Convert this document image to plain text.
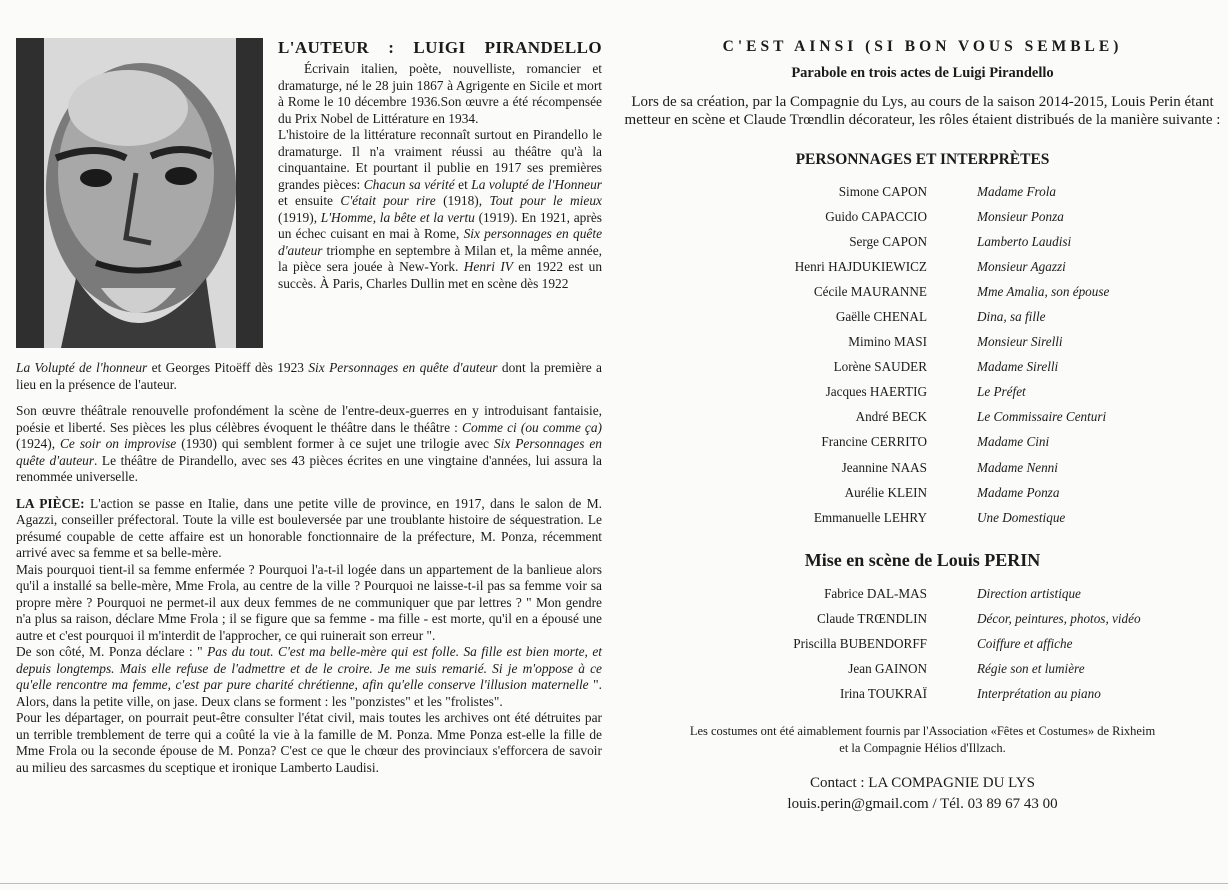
L'AUTEUR : LUIGI PIRANDELLO

Écrivain italien, poète, nouvelliste, romancier et dramaturge, né le 28 juin 1867 à Agrigente en Sicile et mort à Rome le 10 décembre 1936.Son œuvre a été récompensée du Prix Nobel de Littérature en 1934.

L'histoire de la littérature reconnaît surtout en Pirandello le dramaturge. Il n'a vraiment réussi au théâtre qu'à la cinquantaine. Et pourtant il publie en 1917 ses premières grandes pièces: Chacun sa vérité et La volupté de l'Honneur et ensuite C'était pour rire (1918), Tout pour le mieux (1919), L'Homme, la bête et la vertu (1919). En 1921, après un échec cuisant en mai à Rome, Six personnages en quête d'auteur triomphe en septembre à Milan et, la même année, la pièce sera jouée à New-York. Henri IV en 1922 est un succès. À Paris, Charles Dullin met en scène dès 1922

La Volupté de l'honneur et Georges Pitoëff dès 1923 Six Personnages en quête d'auteur dont la première a lieu en la présence de l'auteur.

Son œuvre théâtrale renouvelle profondément la scène de l'entre-deux-guerres en y introduisant fantaisie, poésie et liberté. Ses pièces les plus célèbres évoquent le théâtre dans le théâtre : Comme ci (ou comme ça) (1924), Ce soir on improvise (1930) qui semblent former à ce sujet une trilogie avec Six Personnages en quête d'auteur. Le théâtre de Pirandello, avec ses 43 pièces écrites en une vingtaine d'années, lui assura la renommée universelle.

LA PIÈCE: L'action se passe en Italie, dans une petite ville de province, en 1917, dans le salon de M. Agazzi, conseiller préfectoral. Toute la ville est bouleversée par une troublante histoire de séquestration. Le présumé coupable de cette affaire est un honorable fonctionnaire de la préfecture, M. Ponza, récemment arrivé avec sa femme et sa belle-mère.

Mais pourquoi tient-il sa femme enfermée ? Pourquoi l'a-t-il logée dans un appartement de la banlieue alors qu'il a installé sa belle-mère, Mme Frola, au centre de la ville ? Pourquoi ne laisse-t-il pas sa femme voir sa propre mère ? Pourquoi ne permet-il aux deux femmes de ne communiquer que par lettres ? " Mon gendre n'a plus sa raison, déclare Mme Frola ; il se figure que sa femme - ma fille - est morte, qu'il en a épousé une autre et c'est pourquoi il m'interdit de l'approcher, ce qui ruinerait son erreur ".

De son côté, M. Ponza déclare : " Pas du tout. C'est ma belle-mère qui est folle. Sa fille est bien morte, et depuis longtemps. Mais elle refuse de l'admettre et de le croire. Je me suis remarié. Si je m'oppose à ce qu'elle rencontre ma femme, c'est par pure charité chrétienne, afin qu'elle conserve l'illusion maternelle ". Alors, dans la petite ville, on jase. Deux clans se forment : les "ponzistes" et les "frolistes".

Pour les départager, on pourrait peut-être consulter l'état civil, mais toutes les archives ont été détruites par un terrible tremblement de terre qui a coûté la vie à la famille de M. Ponza. Mme Ponza est-elle la fille de Mme Frola ou la seconde épouse de M. Ponza? C'est ce que le chœur des provinciaux s'efforcera de savoir au milieu des sarcasmes du sceptique et ironique Lamberto Laudisi.

C'EST AINSI (SI BON VOUS SEMBLE)

Parabole en trois actes de Luigi Pirandello

Lors de sa création, par la Compagnie du Lys, au cours de la saison 2014-2015, Louis Perin étant metteur en scène et Claude Trœndlin décorateur, les rôles étaient distribués de la manière suivante :

PERSONNAGES ET INTERPRÈTES
Simone CAPON	Madame Frola
Guido CAPACCIO	Monsieur Ponza
Serge CAPON	Lamberto Laudisi
Henri HAJDUKIEWICZ	Monsieur Agazzi
Cécile MAURANNE	Mme Amalia, son épouse
Gaëlle CHENAL	Dina, sa fille
Mimino MASI	Monsieur Sirelli
Lorène SAUDER	Madame Sirelli
Jacques HAERTIG	Le Préfet
André BECK	Le Commissaire Centuri
Francine CERRITO	Madame Cini
Jeannine NAAS	Madame Nenni
Aurélie KLEIN	Madame Ponza
Emmanuelle LEHRY	Une Domestique
Mise en scène de Louis PERIN
Fabrice DAL-MAS	Direction artistique
Claude TRŒNDLIN	Décor, peintures, photos, vidéo
Priscilla BUBENDORFF	Coiffure et affiche
Jean GAINON	Régie son et lumière
Irina TOUKRAÏ	Interprétation au piano

Les costumes ont été aimablement fournis par l'Association «Fêtes et Costumes» de Rixheim
et la Compagnie Hélios d'Illzach.

Contact : LA COMPAGNIE DU LYS
louis.perin@gmail.com / Tél. 03 89 67 43 00
